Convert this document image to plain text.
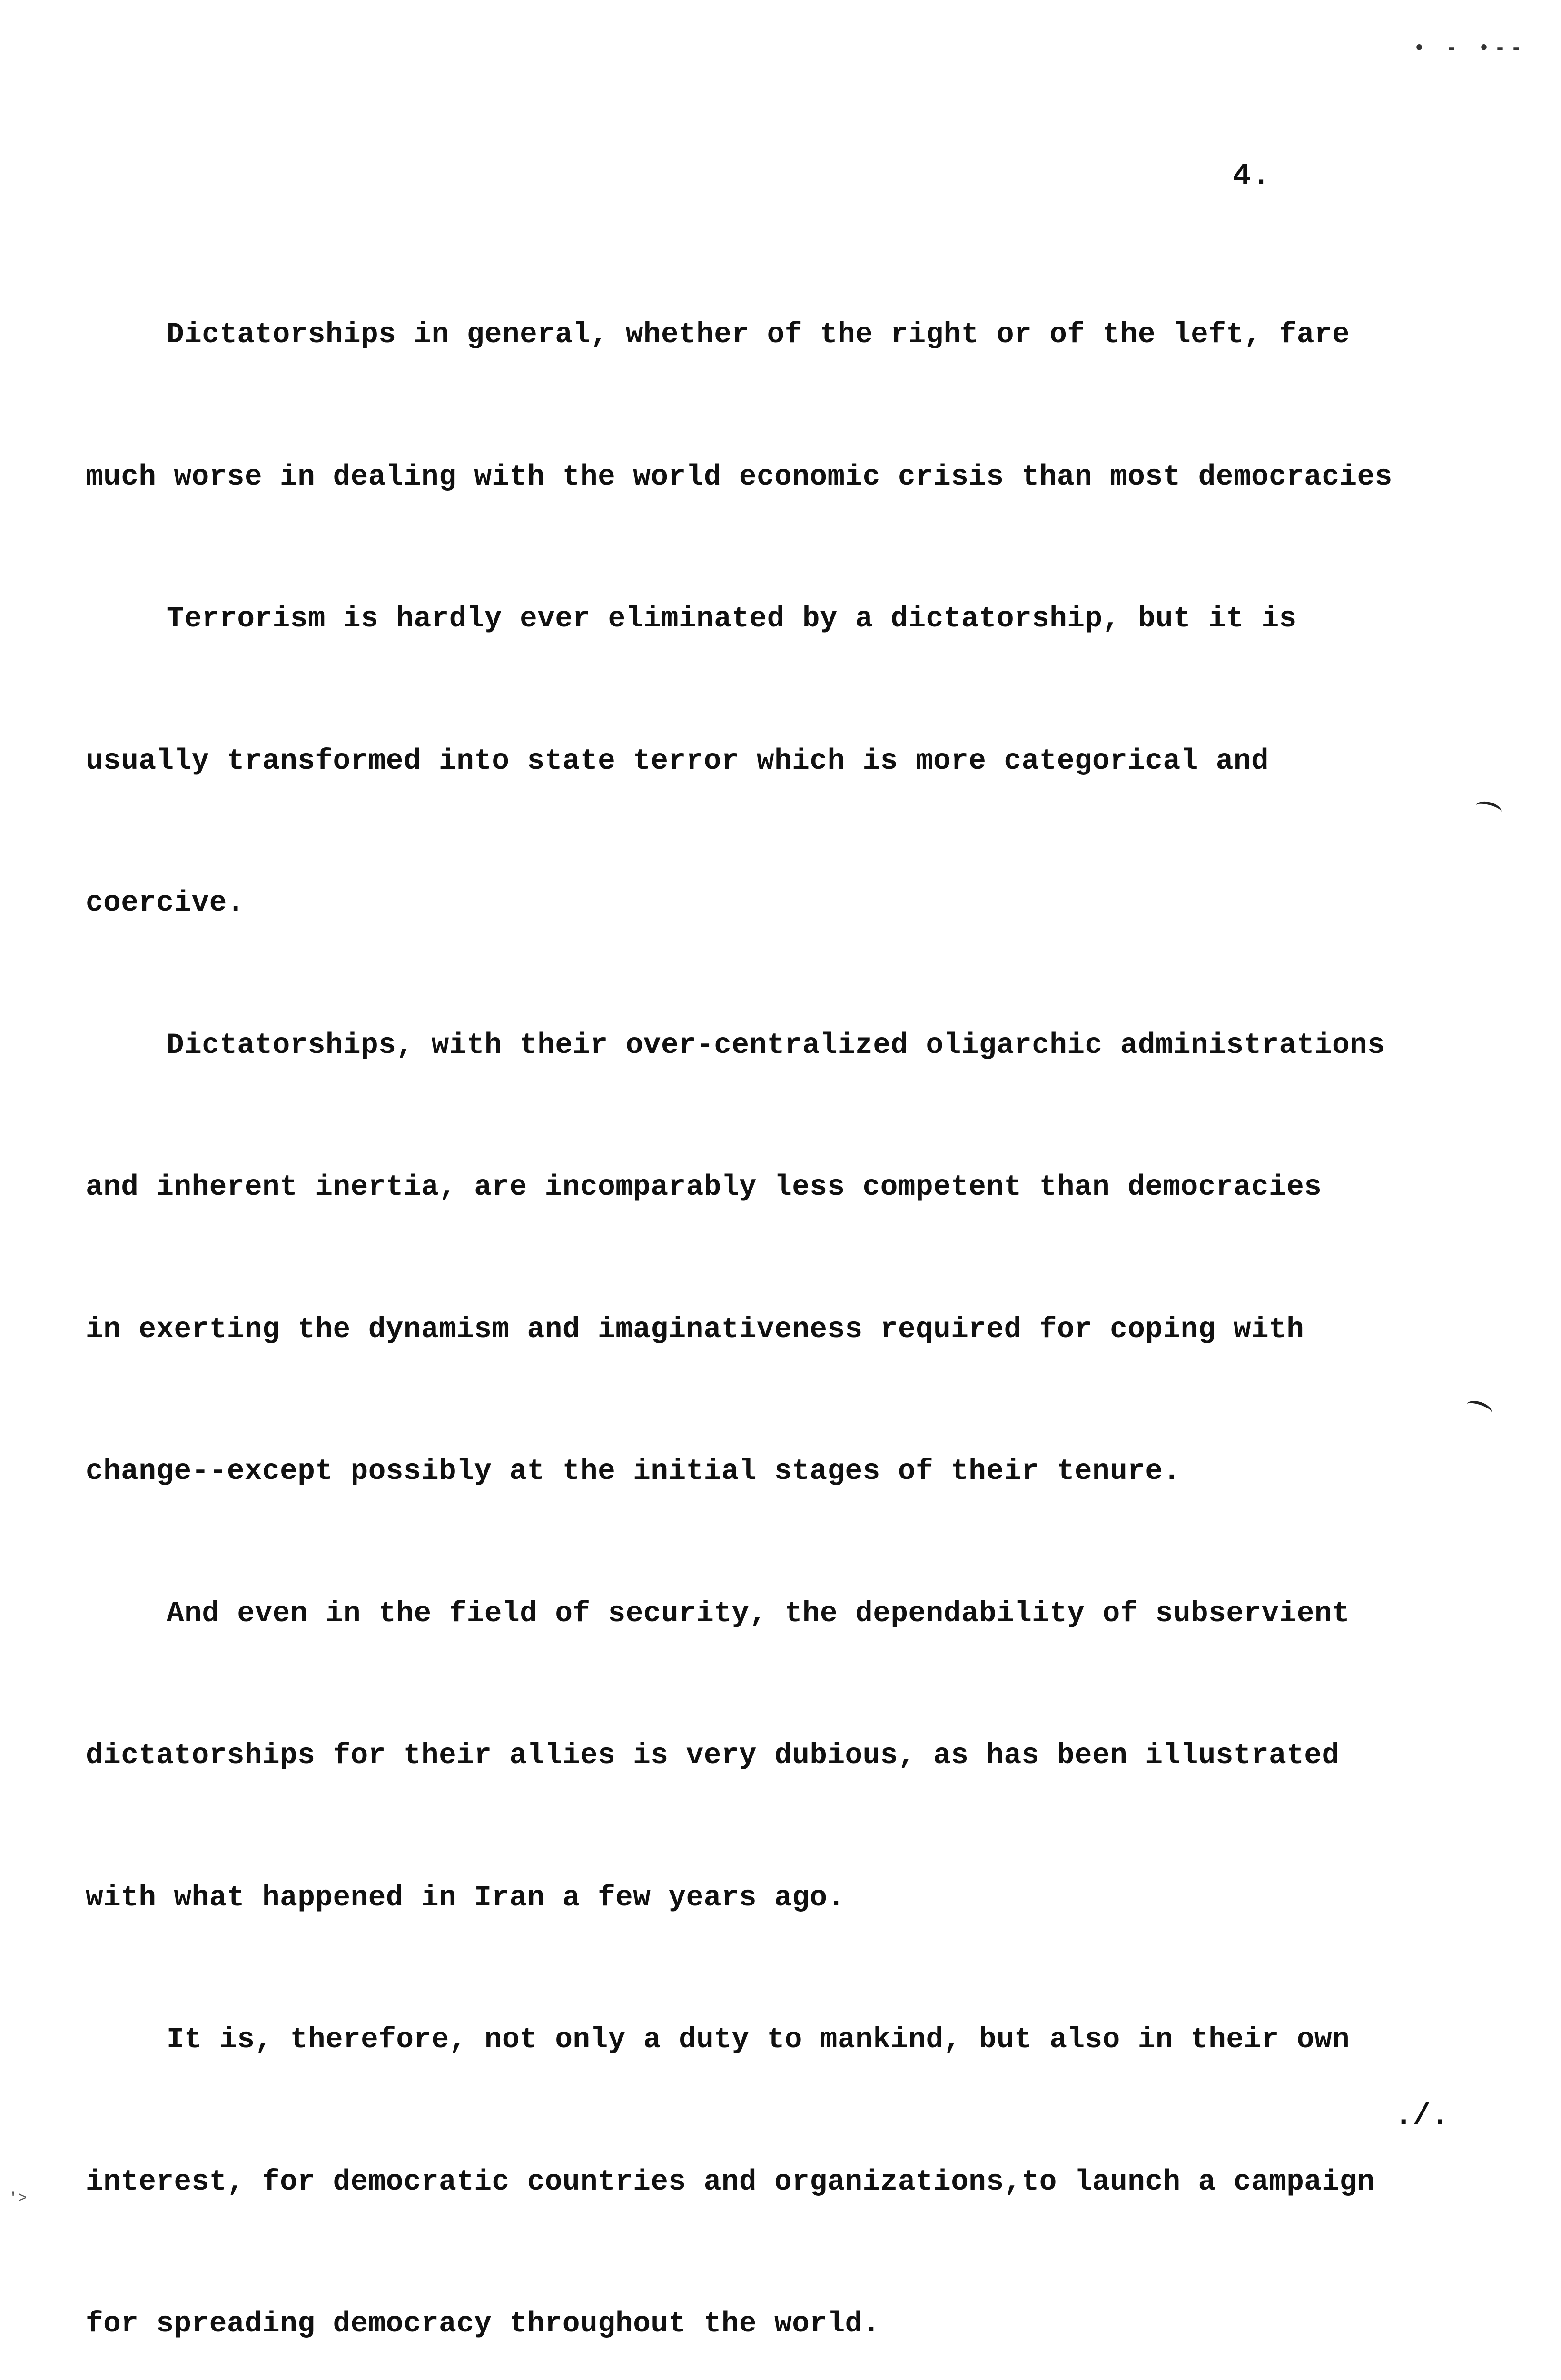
• - •--
4.

Dictatorships in general, whether of the right or of the left, fare

much worse in dealing with the world economic crisis than most democracies

Terrorism is hardly ever eliminated by a dictatorship, but it is

usually transformed into state terror which is more categorical and

coercive.

Dictatorships, with their over-centralized oligarchic administrations

and inherent inertia, are incomparably less competent than democracies

in exerting the dynamism and imaginativeness required for coping with

change--except possibly at the initial stages of their tenure.

And even in the field of security, the dependability of subservient

dictatorships for their allies is very dubious, as has been illustrated

with what happened in Iran a few years ago.

It is, therefore, not only a duty to mankind, but also in their own

interest, for democratic countries and organizations,to launch a campaign

for spreading democracy throughout the world.

./.
'>
